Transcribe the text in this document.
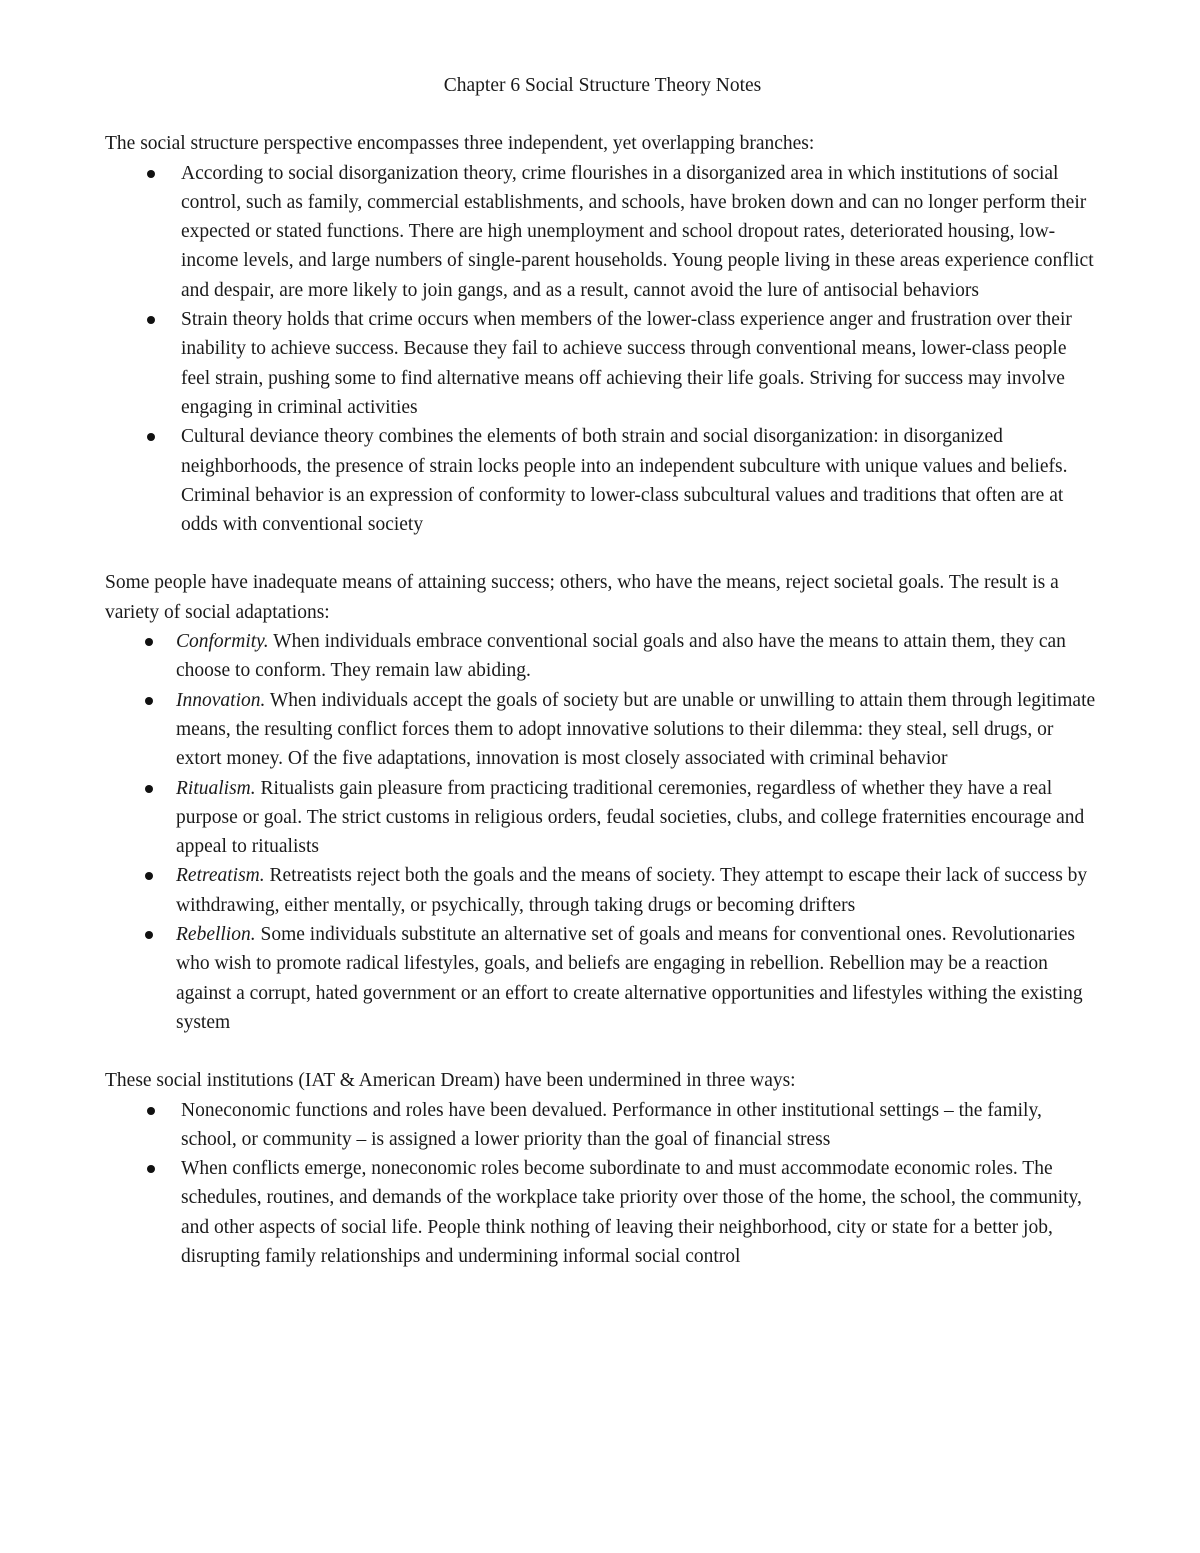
Chapter 6 Social Structure Theory Notes

The social structure perspective encompasses three independent, yet overlapping branches:

According to social disorganization theory, crime flourishes in a disorganized area in which institutions of social control, such as family, commercial establishments, and schools, have broken down and can no longer perform their expected or stated functions. There are high unemployment and school dropout rates, deteriorated housing, low-income levels, and large numbers of single-parent households. Young people living in these areas experience conflict and despair, are more likely to join gangs, and as a result, cannot avoid the lure of antisocial behaviors
Strain theory holds that crime occurs when members of the lower-class experience anger and frustration over their inability to achieve success. Because they fail to achieve success through conventional means, lower-class people feel strain, pushing some to find alternative means off achieving their life goals. Striving for success may involve engaging in criminal activities
Cultural deviance theory combines the elements of both strain and social disorganization: in disorganized neighborhoods, the presence of strain locks people into an independent subculture with unique values and beliefs. Criminal behavior is an expression of conformity to lower-class subcultural values and traditions that often are at odds with conventional society

Some people have inadequate means of attaining success; others, who have the means, reject societal goals. The result is a variety of social adaptations:

Conformity. When individuals embrace conventional social goals and also have the means to attain them, they can choose to conform. They remain law abiding.
Innovation. When individuals accept the goals of society but are unable or unwilling to attain them through legitimate means, the resulting conflict forces them to adopt innovative solutions to their dilemma: they steal, sell drugs, or extort money. Of the five adaptations, innovation is most closely associated with criminal behavior
Ritualism. Ritualists gain pleasure from practicing traditional ceremonies, regardless of whether they have a real purpose or goal. The strict customs in religious orders, feudal societies, clubs, and college fraternities encourage and appeal to ritualists
Retreatism. Retreatists reject both the goals and the means of society. They attempt to escape their lack of success by withdrawing, either mentally, or psychically, through taking drugs or becoming drifters
Rebellion. Some individuals substitute an alternative set of goals and means for conventional ones. Revolutionaries who wish to promote radical lifestyles, goals, and beliefs are engaging in rebellion. Rebellion may be a reaction against a corrupt, hated government or an effort to create alternative opportunities and lifestyles withing the existing system

These social institutions (IAT & American Dream) have been undermined in three ways:

Noneconomic functions and roles have been devalued. Performance in other institutional settings – the family, school, or community – is assigned a lower priority than the goal of financial stress
When conflicts emerge, noneconomic roles become subordinate to and must accommodate economic roles. The schedules, routines, and demands of the workplace take priority over those of the home, the school, the community, and other aspects of social life. People think nothing of leaving their neighborhood, city or state for a better job, disrupting family relationships and undermining informal social control
